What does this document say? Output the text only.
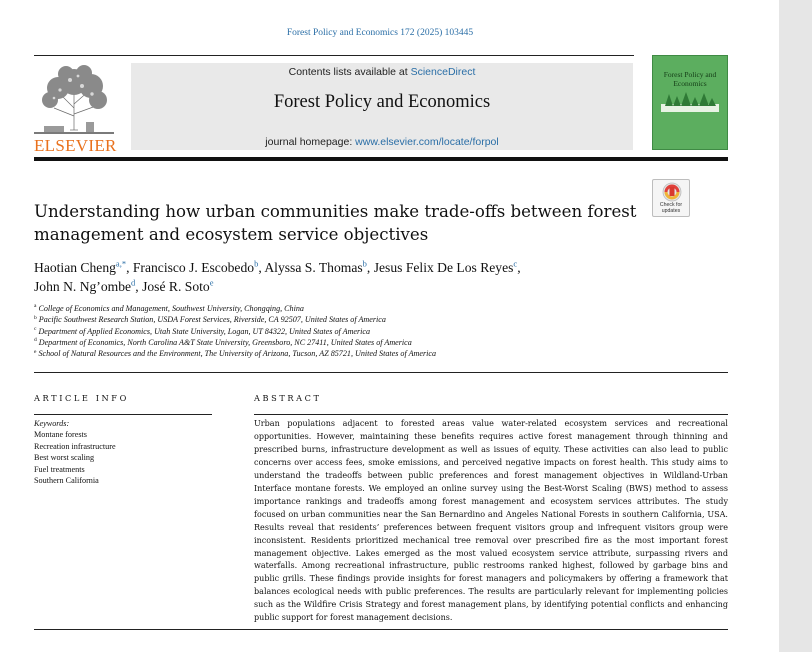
Forest Policy and Economics 172 (2025) 103445
ELSEVIER
Contents lists available at ScienceDirect
Forest Policy and Economics
journal homepage: www.elsevier.com/locate/forpol
Forest Policy and Economics
Check for
updates
Understanding how urban communities make trade-offs between forest management and ecosystem service objectives
Haotian Cheng$^{a,*}$, Francisco J. Escobedo$^b$, Alyssa S. Thomas$^b$, Jesus Felix De Los Reyes$^c$,
John N. Ng’ombe$^d$, José R. Soto$^e$
$^a$ College of Economics and Management, Southwest University, Chongqing, China
$^b$ Pacific Southwest Research Station, USDA Forest Services, Riverside, CA 92507, United States of America
$^c$ Department of Applied Economics, Utah State University, Logan, UT 84322, United States of America
$^d$ Department of Economics, North Carolina A&T State University, Greensboro, NC 27411, United States of America
$^e$ School of Natural Resources and the Environment, The University of Arizona, Tucson, AZ 85721, United States of America
ARTICLE INFO	ABSTRACT
Keywords:
Montane forests
Recreation infrastructure
Best worst scaling
Fuel treatments
Southern California
Urban populations adjacent to forested areas value water-related ecosystem services and recreational opportunities. However, maintaining these benefits requires active forest management through thinning and prescribed burns, infrastructure development as well as issues of equity. These activities can also lead to public concerns over access fees, smoke emissions, and perceived negative impacts on forest health. This study aims to understand the tradeoffs between public preferences and forest management objectives in Wildland-Urban Interface montane forests. We employed an online survey using the Best-Worst Scaling (BWS) method to assess importance rankings and tradeoffs among forest management and ecosystem services attributes. The study focused on urban communities near the San Bernardino and Angeles National Forests in southern California, USA. Results reveal that residents’ preferences between frequent visitors group and infrequent visitors group were inconsistent. Residents prioritized mechanical tree removal over prescribed fire as the most important forest management objective. Lakes emerged as the most valued ecosystem service attribute, surpassing rivers and waterfalls. Among recreational infrastructure, public restrooms ranked highest, followed by garbage bins and public grills. These findings provide insights for forest managers and policymakers by offering a framework that balances ecological needs with public preferences. The results are particularly relevant for implementing policies such as the Wildfire Crisis Strategy and forest management plans, by identifying potential conflicts and enhancing public support for forest management decisions.
